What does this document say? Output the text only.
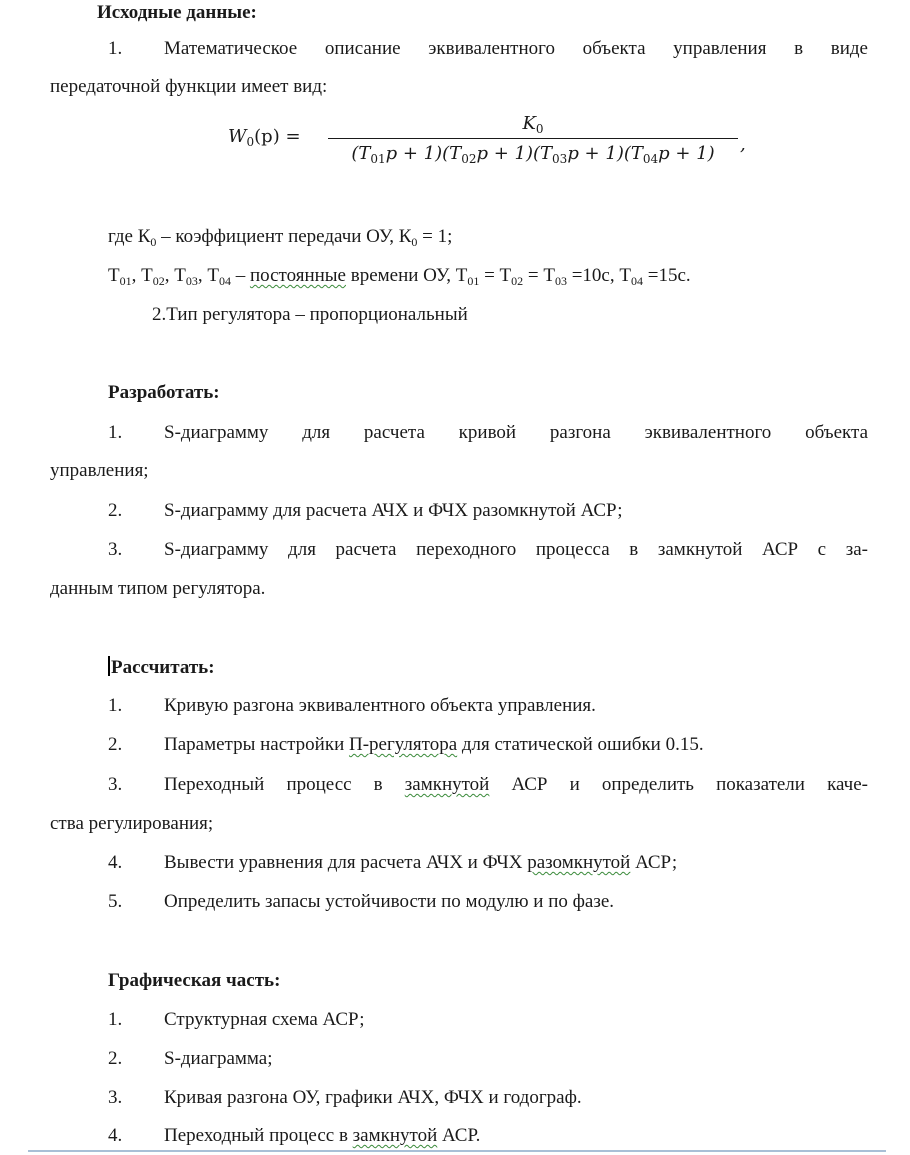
Исходные данные:
1. Математическое описание эквивалентного объекта управления в виде
передаточной функции имеет вид:
$W_0(p)$ =
$K_0$
$(T_{01}p + 1)(T_{02}p + 1)(T_{03}p + 1)(T_{04}p + 1)$	,
где $К_0$ – коэффициент передачи ОУ, $К_0 = 1$;
$Т_{01}$, $Т_{02}$, $Т_{03}$, $Т_{04}$ – постоянные времени ОУ, $Т_{01} = Т_{02} = Т_{03} =10с$, $Т_{04} =15с$.
2.Тип регулятора – пропорциональный
Разработать:
1. S-диаграмму для расчета кривой разгона эквивалентного объекта
управления;
2. S-диаграмму для расчета АЧХ и ФЧХ разомкнутой АСР;
3. S-диаграмму для расчета переходного процесса в замкнутой АСР с за-
данным типом регулятора.
Рассчитать:
1. Кривую разгона эквивалентного объекта управления.
2. Параметры настройки П-регулятора для статической ошибки 0.15.
3. Переходный процесс в замкнутой АСР и определить показатели каче-
ства регулирования;
4. Вывести уравнения для расчета АЧХ и ФЧХ разомкнутой АСР;
5. Определить запасы устойчивости по модулю и по фазе.
Графическая часть:
1. Структурная схема АСР;
2. S-диаграмма;
3. Кривая разгона ОУ, графики АЧХ, ФЧХ и годограф.
4. Переходный процесс в замкнутой АСР.
